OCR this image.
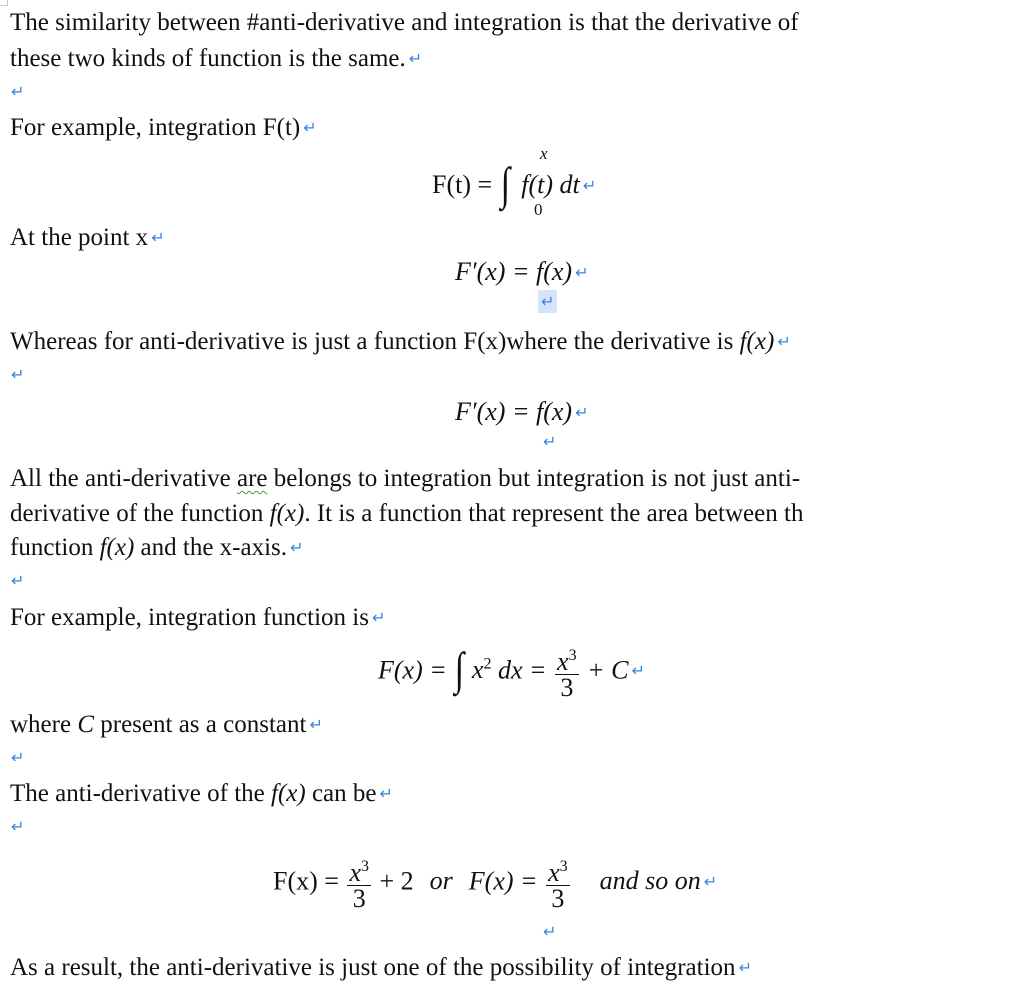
The similarity between #anti-derivative and integration is that the derivative of
these two kinds of function is the same. ↵
↵
For example, integration F(t) ↵
F(t) = ∫
x
0
f(t) dt ↵
At the point x ↵
F′(x) = f(x) ↵
↵
Whereas for anti-derivative is just a function F(x)where the derivative is f(x) ↵
↵
F′(x) = f(x) ↵
↵
All the anti-derivative are belongs to integration but integration is not just anti-
derivative of the function f(x). It is a function that represent the area between th
function f(x) and the x-axis. ↵
↵
For example, integration function is ↵
F(x) = ∫ $x^2$ dx = $\frac{x^3}{3} + C$ ↵
where C present as a constant ↵
↵
The anti-derivative of the f(x) can be ↵
↵
$F(x) = \frac{x^3}{3} + 2$ or $F(x) = \frac{x^3}{3}$ and so on ↵
↵
As a result, the anti-derivative is just one of the possibility of integration ↵
